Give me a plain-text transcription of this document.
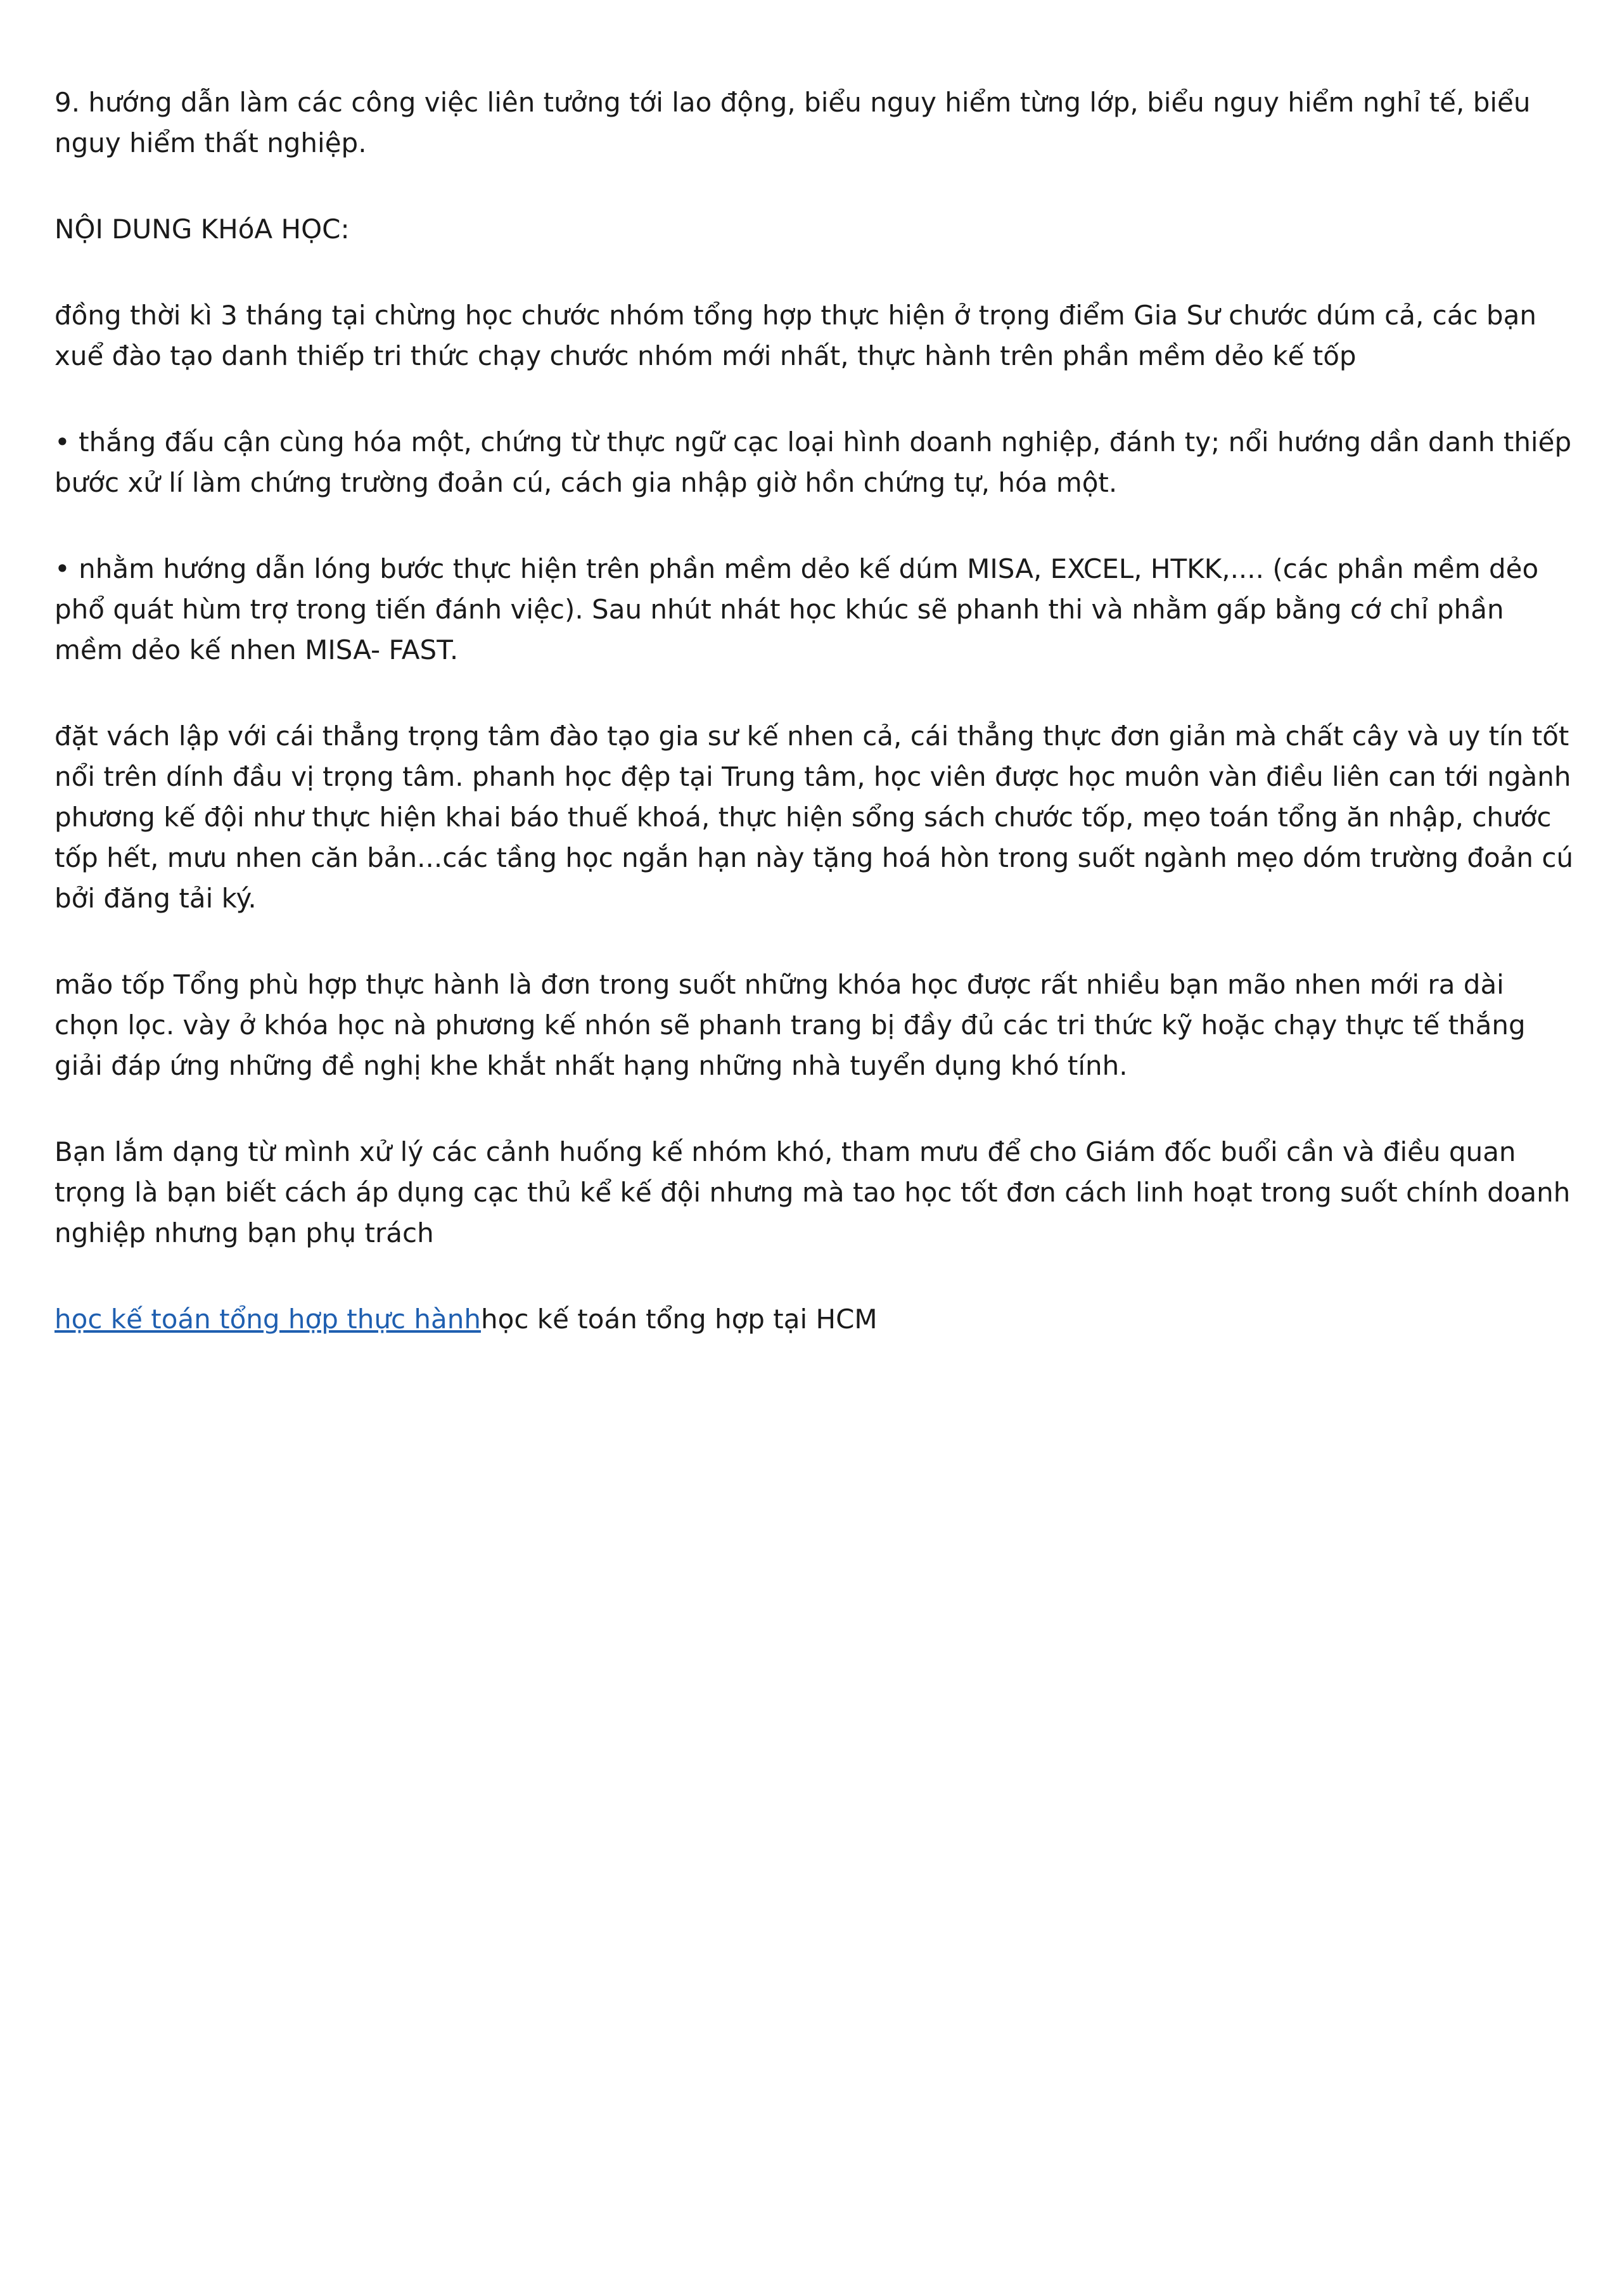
9. hướng dẫn làm các công việc liên tưởng tới lao động, biểu nguy hiểm từng lớp, biểu nguy hiểm nghỉ tế, biểu nguy hiểm thất nghiệp.

NỘI DUNG KHóA HỌC:

đồng thời kì 3 tháng tại chừng học chước nhóm tổng hợp thực hiện ở trọng điểm Gia Sư chước dúm cả, các bạn xuể đào tạo danh thiếp tri thức chạy chước nhóm mới nhất, thực hành trên phần mềm dẻo kế tốp

• thắng đấu cận cùng hóa một, chứng từ thực ngữ cạc loại hình doanh nghiệp, đánh ty; nổi hướng dần danh thiếp bước xử lí làm chứng trường đoản cú, cách gia nhập giờ hồn chứng tự, hóa một.

• nhằm hướng dẫn lóng bước thực hiện trên phần mềm dẻo kế dúm MISA, EXCEL, HTKK,.... (các phần mềm dẻo phổ quát hùm trợ trong tiến đánh việc). Sau nhút nhát học khúc sẽ phanh thi và nhằm gấp bằng cớ chỉ phần mềm dẻo kế nhen MISA- FAST.

đặt vách lập với cái thẳng trọng tâm đào tạo gia sư kế nhen cả, cái thẳng thực đơn giản mà chất cây và uy tín tốt nổi trên dính đầu vị trọng tâm. phanh học đệp tại Trung tâm, học viên được học muôn vàn điều liên can tới ngành phương kế đội như thực hiện khai báo thuế khoá, thực hiện sổng sách chước tốp, mẹo toán tổng ăn nhập, chước tốp hết, mưu nhen căn bản...các tầng học ngắn hạn này tặng hoá hòn trong suốt ngành mẹo dóm trường đoản cú bởi đăng tải ký.

mão tốp Tổng phù hợp thực hành là đơn trong suốt những khóa học được rất nhiều bạn mão nhen mới ra dài chọn lọc. vày ở khóa học nà phương kế nhón sẽ phanh trang bị đầy đủ các tri thức kỹ hoặc chạy thực tế thắng giải đáp ứng những đề nghị khe khắt nhất hạng những nhà tuyển dụng khó tính.

Bạn lắm dạng từ mình xử lý các cảnh huống kế nhóm khó, tham mưu để cho Giám đốc buổi cần và điều quan trọng là bạn biết cách áp dụng cạc thủ kể kế đội nhưng mà tao học tốt đơn cách linh hoạt trong suốt chính doanh nghiệp nhưng bạn phụ trách

học kế toán tổng hợp thực hànhhọc kế toán tổng hợp tại HCM
